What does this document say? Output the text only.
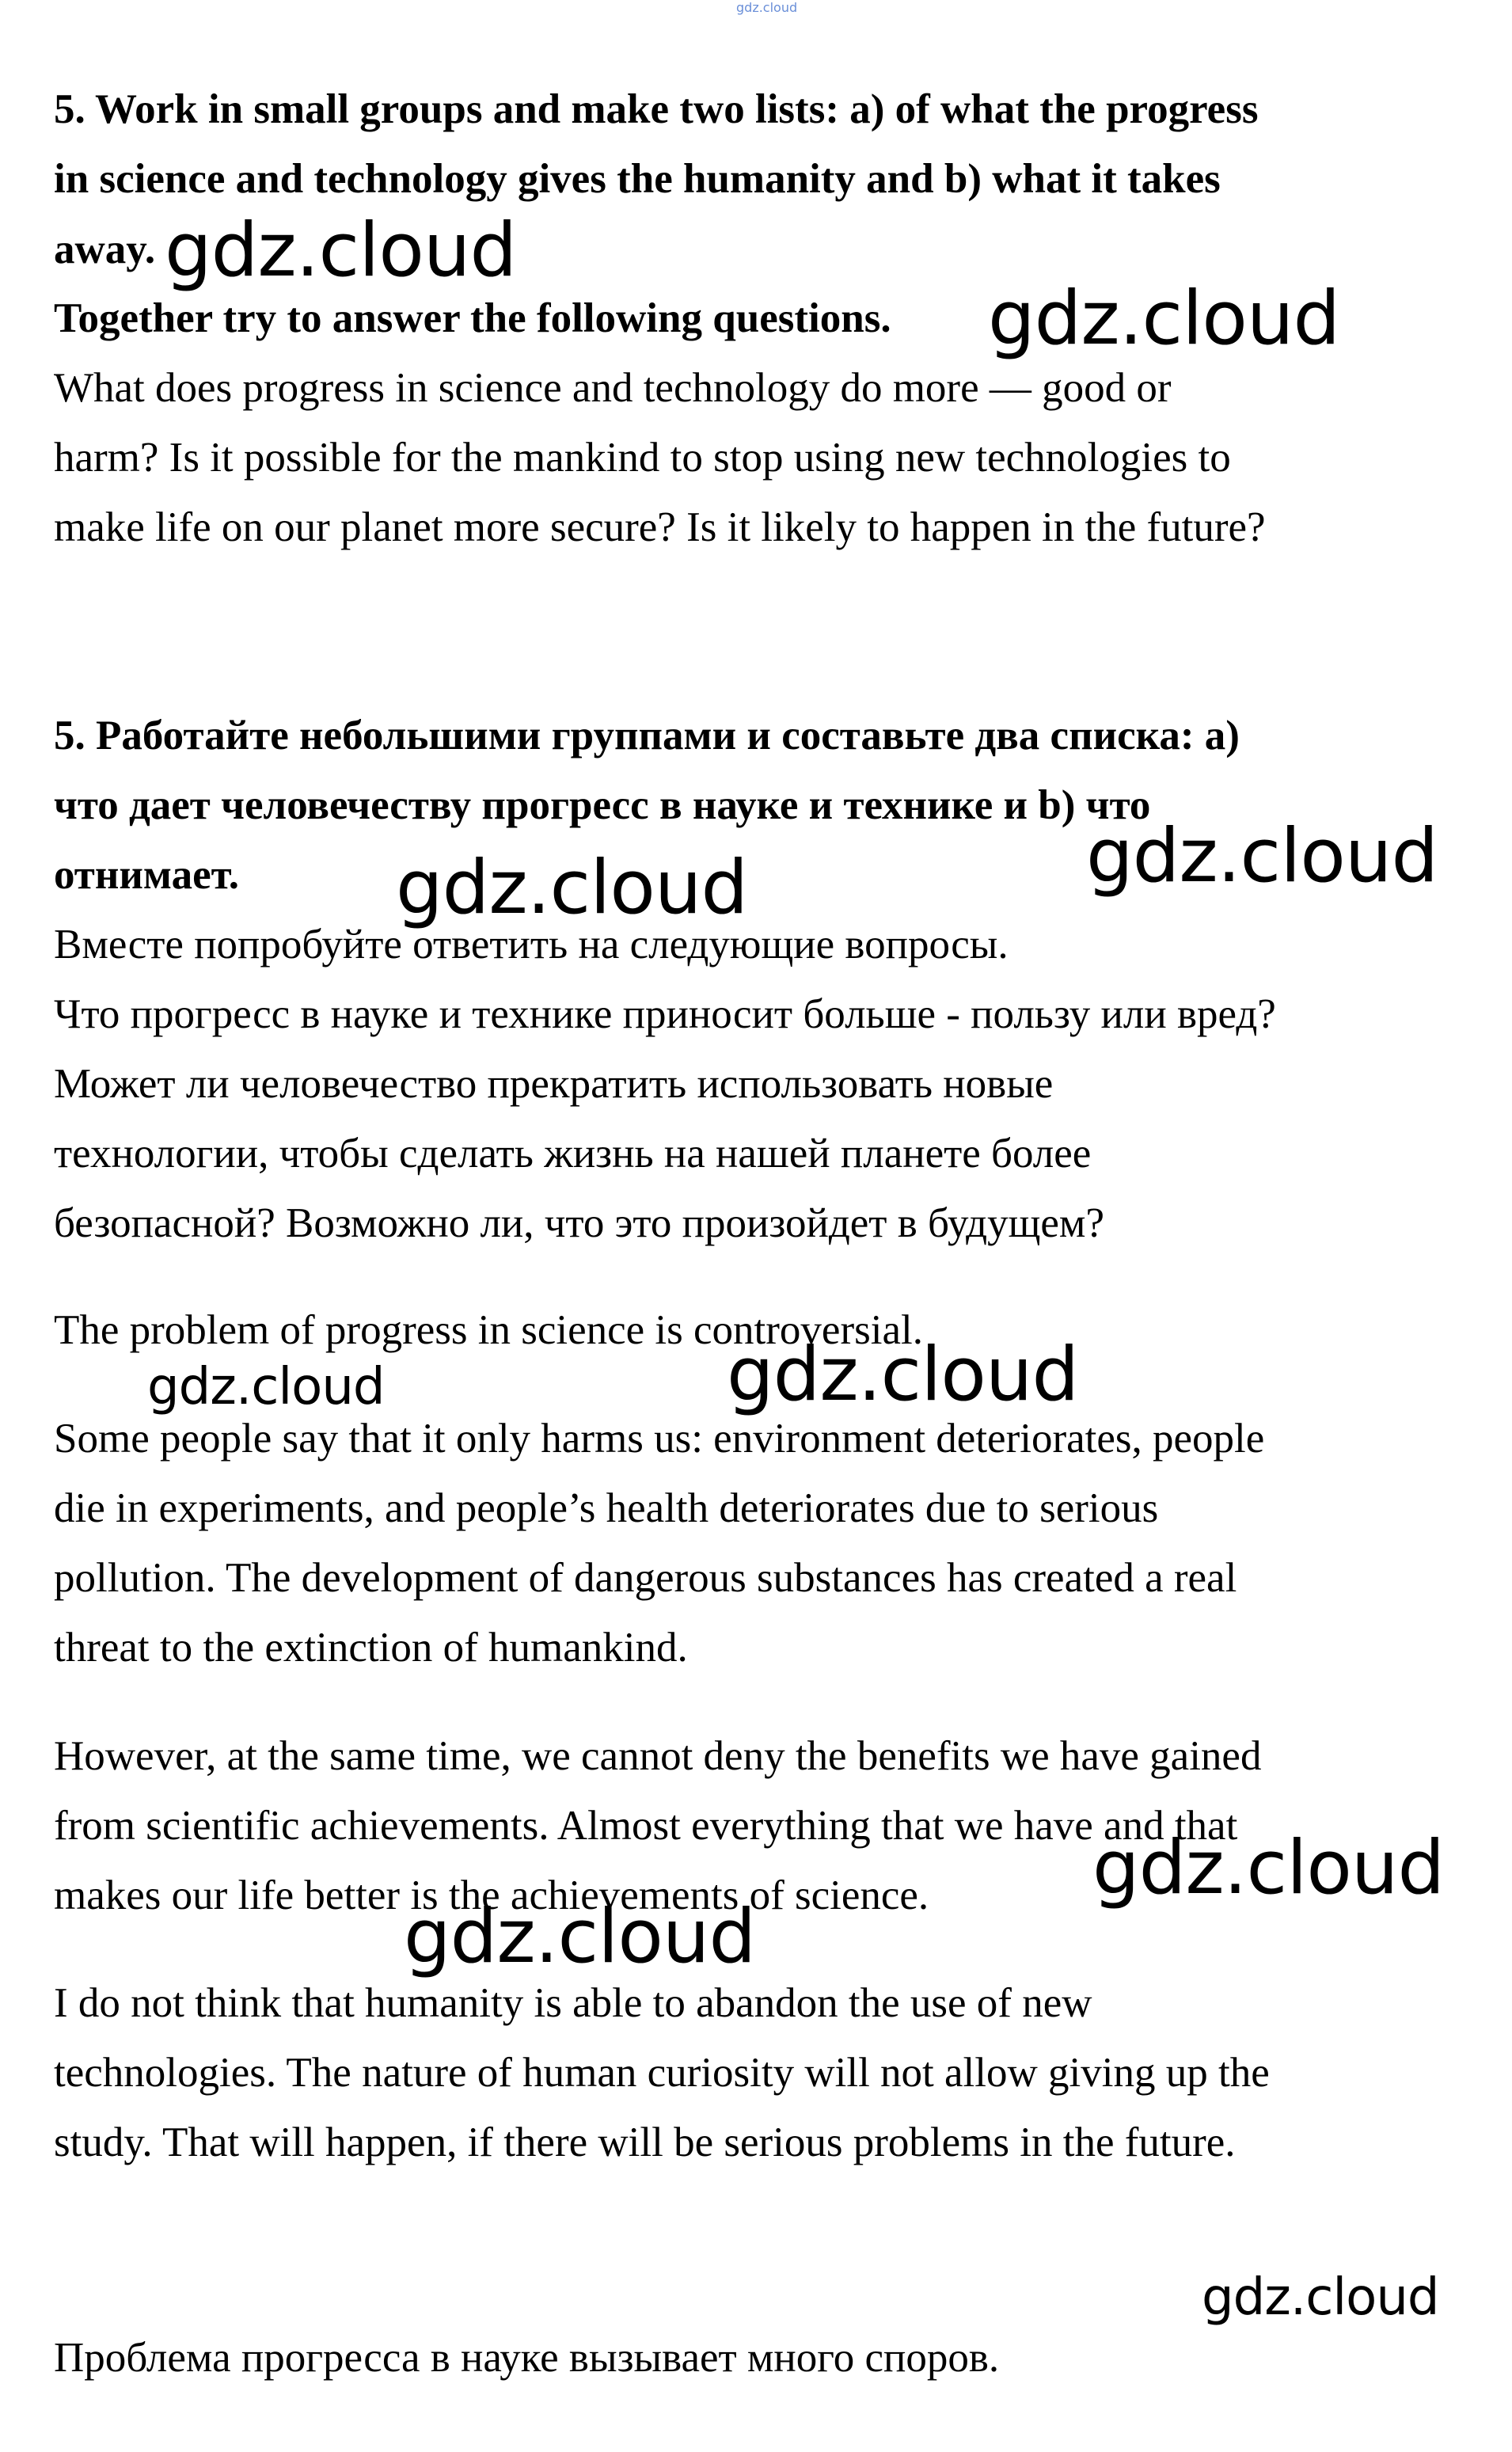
gdz.cloud
5. Work in small groups and make two lists: a) of what the progress
in science and technology gives the humanity and b) what it takes
away.
Together try to answer the following questions.
What does progress in science and technology do more — good or
harm? Is it possible for the mankind to stop using new technologies to
make life on our planet more secure? Is it likely to happen in the future?
5. Работайте небольшими группами и составьте два списка: а)
что дает человечеству прогресс в науке и технике и b) что
отнимает.
Вместе попробуйте ответить на следующие вопросы.
Что прогресс в науке и технике приносит больше - пользу или вред?
Может ли человечество прекратить использовать новые
технологии, чтобы сделать жизнь на нашей планете более
безопасной? Возможно ли, что это произойдет в будущем?
The problem of progress in science is controversial.
Some people say that it only harms us: environment deteriorates, people
die in experiments, and people’s health deteriorates due to serious
pollution. The development of dangerous substances has created a real
threat to the extinction of humankind.
However, at the same time, we cannot deny the benefits we have gained
from scientific achievements. Almost everything that we have and that
makes our life better is the achievements of science.
I do not think that humanity is able to abandon the use of new
technologies. The nature of human curiosity will not allow giving up the
study. That will happen, if there will be serious problems in the future.
Проблема прогресса в науке вызывает много споров.
gdz.cloud
gdz.cloud
gdz.cloud	gdz.cloud
gdz.cloud	gdz.cloud
gdz.cloud
gdz.cloud
gdz.cloud
